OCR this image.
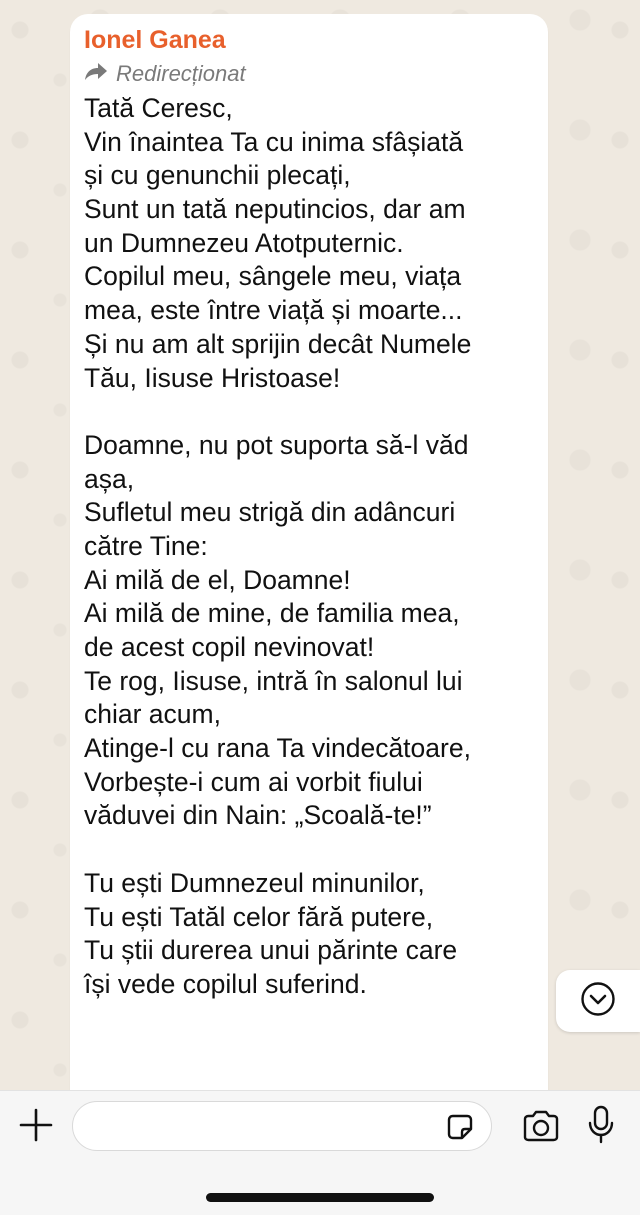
Ionel Ganea
Redirecționat
Tată Ceresc,
Vin înaintea Ta cu inima sfâșiată
și cu genunchii plecați,
Sunt un tată neputincios, dar am
un Dumnezeu Atotputernic.
Copilul meu, sângele meu, viața
mea, este între viață și moarte...
Și nu am alt sprijin decât Numele
Tău, Iisuse Hristoase!
Doamne, nu pot suporta să-l văd
așa,
Sufletul meu strigă din adâncuri
către Tine:
Ai milă de el, Doamne!
Ai milă de mine, de familia mea,
de acest copil nevinovat!
Te rog, Iisuse, intră în salonul lui
chiar acum,
Atinge-l cu rana Ta vindecătoare,
Vorbește-i cum ai vorbit fiului
văduvei din Nain: „Scoală-te!”
Tu ești Dumnezeul minunilor,
Tu ești Tatăl celor fără putere,
Tu știi durerea unui părinte care
își vede copilul suferind.
